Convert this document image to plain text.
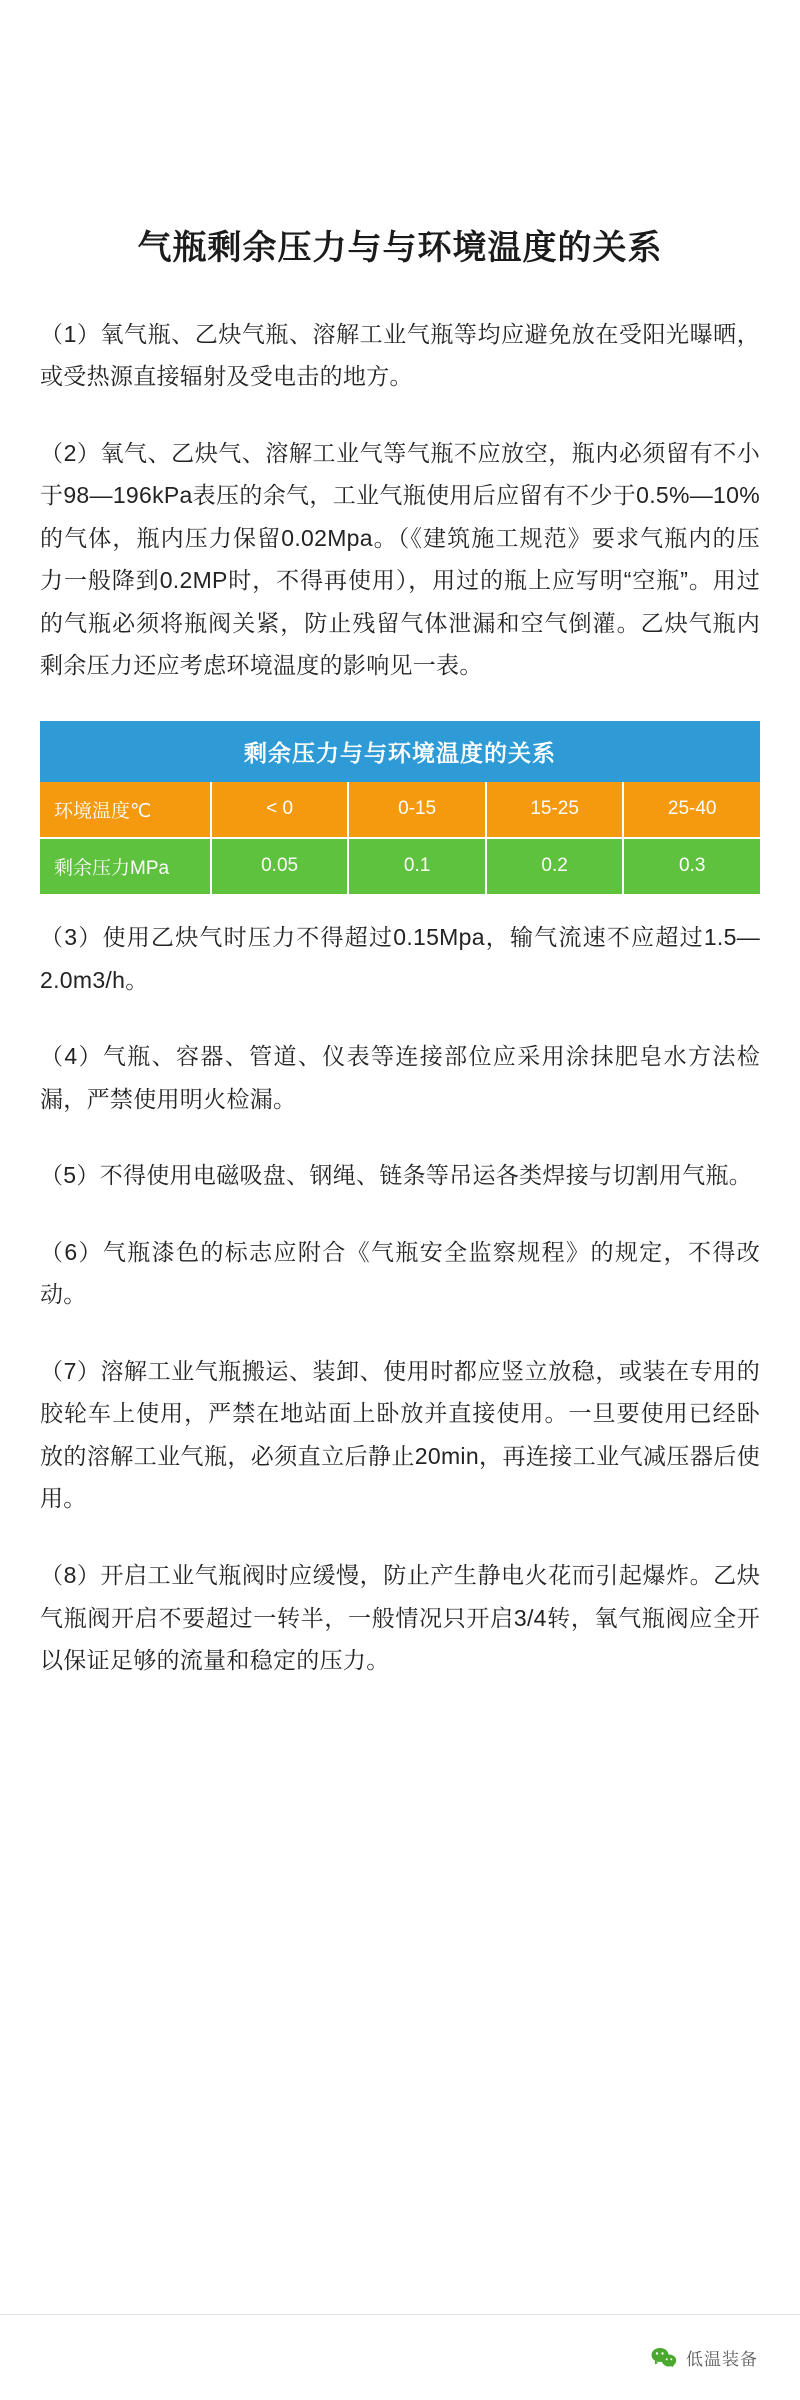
气瓶剩余压力与与环境温度的关系

（1）氧气瓶、乙炔气瓶、溶解工业气瓶等均应避免放在受阳光曝晒，或受热源直接辐射及受电击的地方。

（2）氧气、乙炔气、溶解工业气等气瓶不应放空，瓶内必须留有不小于98—196kPa表压的余气，工业气瓶使用后应留有不少于0.5%—10%的气体，瓶内压力保留0.02Mpa。（《建筑施工规范》要求气瓶内的压力一般降到0.2MP时，不得再使用），用过的瓶上应写明“空瓶”。用过的气瓶必须将瓶阀关紧，防止残留气体泄漏和空气倒灌。乙炔气瓶内剩余压力还应考虑环境温度的影响见一表。

剩余压力与与环境温度的关系
环境温度℃	< 0	0-15	15-25	25-40
剩余压力MPa	0.05	0.1	0.2	0.3

（3）使用乙炔气时压力不得超过0.15Mpa，输气流速不应超过1.5—2.0m3/h。

（4）气瓶、容器、管道、仪表等连接部位应采用涂抹肥皂水方法检漏，严禁使用明火检漏。

（5）不得使用电磁吸盘、钢绳、链条等吊运各类焊接与切割用气瓶。

（6）气瓶漆色的标志应附合《气瓶安全监察规程》的规定，不得改动。

（7）溶解工业气瓶搬运、装卸、使用时都应竖立放稳，或装在专用的胶轮车上使用，严禁在地站面上卧放并直接使用。一旦要使用已经卧放的溶解工业气瓶，必须直立后静止20min，再连接工业气减压器后使用。

（8）开启工业气瓶阀时应缓慢，防止产生静电火花而引起爆炸。乙炔气瓶阀开启不要超过一转半，一般情况只开启3/4转，氧气瓶阀应全开以保证足够的流量和稳定的压力。

低温装备
